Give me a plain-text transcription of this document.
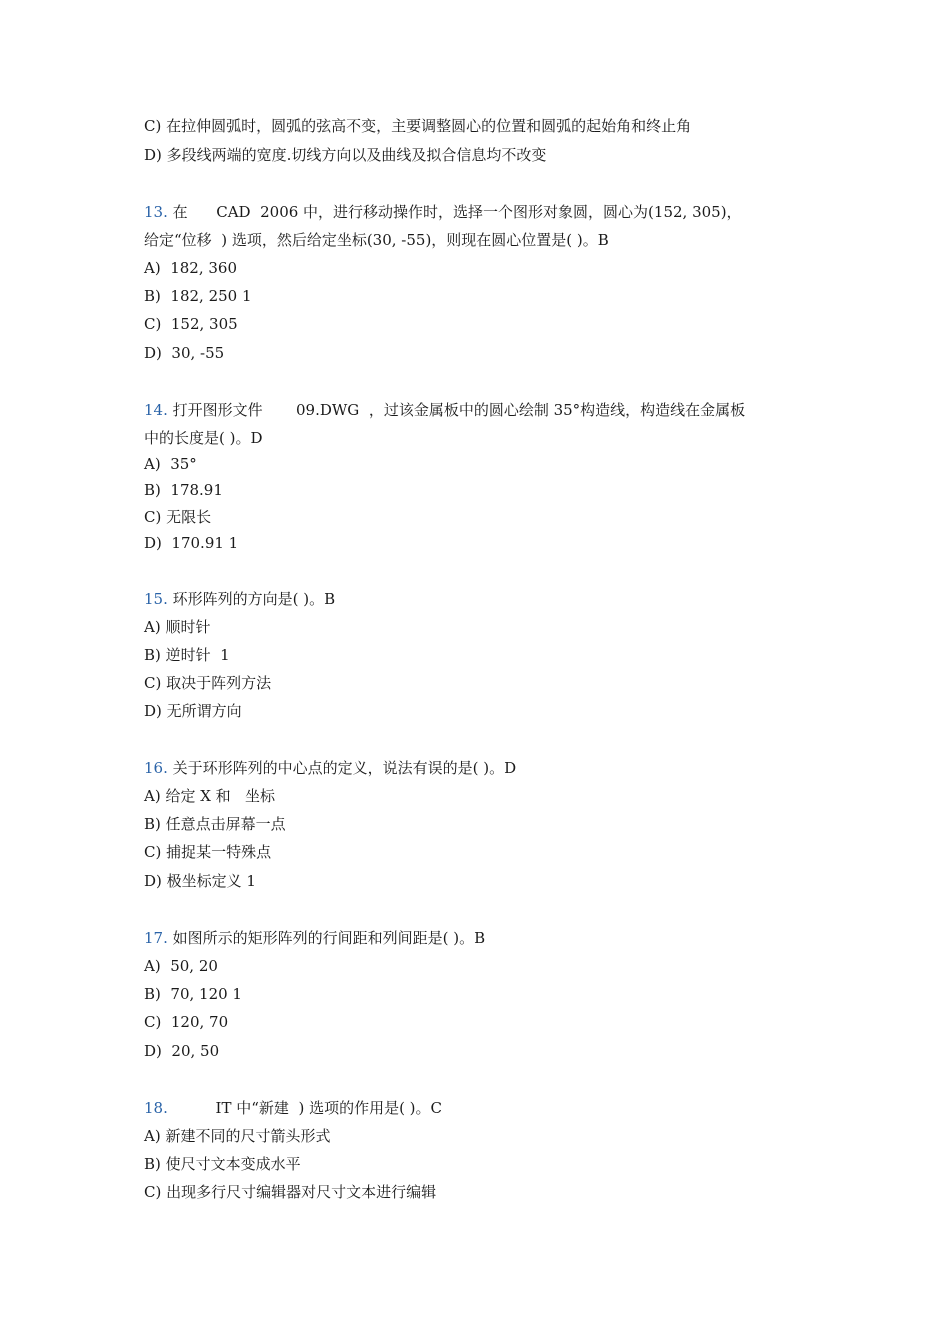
C) 在拉伸圆弧时，圆弧的弦高不变，主要调整圆心的位置和圆弧的起始角和终止角
D) 多段线两端的宽度.切线方向以及曲线及拟合信息均不改变
13. 在      CAD  2006 中，进行移动操作时，选择一个图形对象圆，圆心为(152, 305)，
给定“位移  ) 选项，然后给定坐标(30, -55)，则现在圆心位置是( )。B
A)  182, 360
B)  182, 250 1
C)  152, 305
D)  30, -55
14. 打开图形文件       09.DWG  ，过该金属板中的圆心绘制 35°构造线，构造线在金属板
中的长度是( )。D
A)  35°
B)  178.91
C) 无限长
D)  170.91 1
15. 环形阵列的方向是( )。B
A) 顺时针
B) 逆时针  1
C) 取决于阵列方法
D) 无所谓方向
16. 关于环形阵列的中心点的定义，说法有误的是( )。D
A) 给定 X 和   坐标
B) 任意点击屏幕一点
C) 捕捉某一特殊点
D) 极坐标定义 1
17. 如图所示的矩形阵列的行间距和列间距是( )。B
A)  50, 20
B)  70, 120 1
C)  120, 70
D)  20, 50
18.          IT 中“新建  ) 选项的作用是( )。C
A) 新建不同的尺寸箭头形式
B) 使尺寸文本变成水平
C) 出现多行尺寸编辑器对尺寸文本进行编辑
